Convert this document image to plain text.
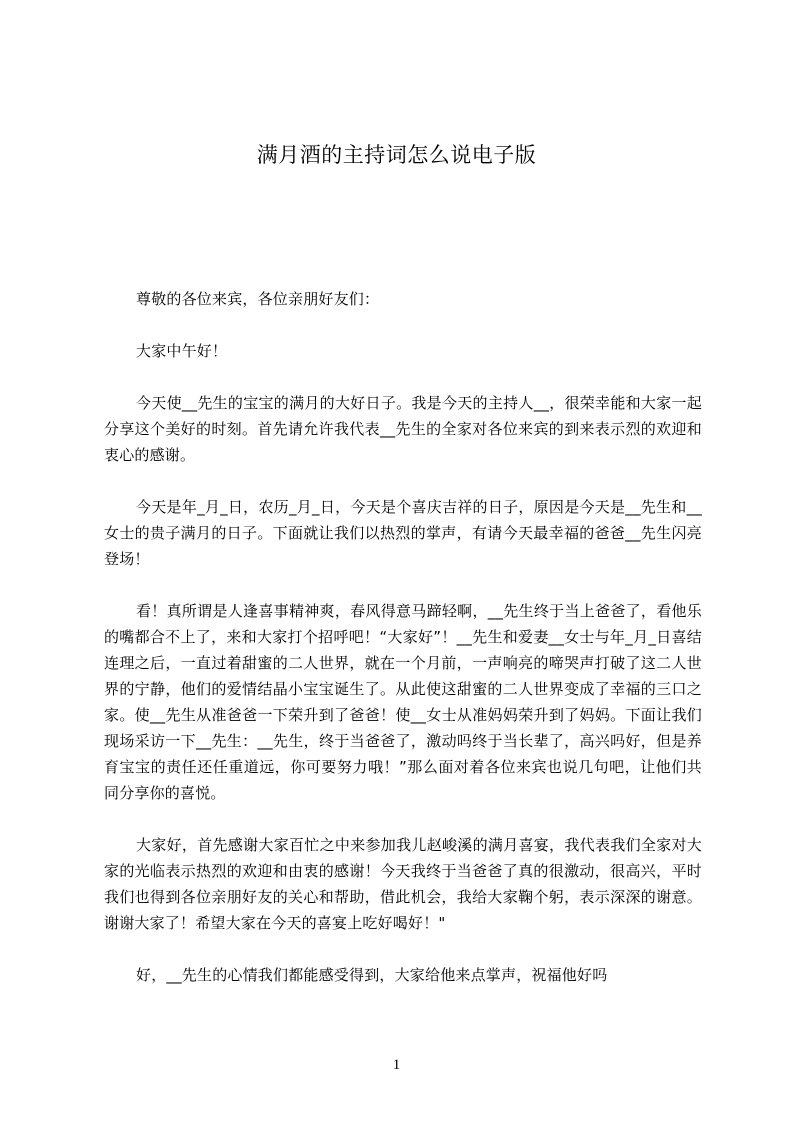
满月酒的主持词怎么说电子版

尊敬的各位来宾，各位亲朋好友们：

大家中午好！

今天使__先生的宝宝的满月的大好日子。我是今天的主持人__，很荣幸能和大家一起分享这个美好的时刻。首先请允许我代表__先生的全家对各位来宾的到来表示烈的欢迎和衷心的感谢。

今天是年_月_日，农历_月_日，今天是个喜庆吉祥的日子，原因是今天是__先生和__女士的贵子满月的日子。下面就让我们以热烈的掌声，有请今天最幸福的爸爸__先生闪亮登场！

看！真所谓是人逢喜事精神爽，春风得意马蹄轻啊，__先生终于当上爸爸了，看他乐的嘴都合不上了，来和大家打个招呼吧！“大家好”！__先生和爱妻__女士与年_月_日喜结连理之后，一直过着甜蜜的二人世界，就在一个月前，一声响亮的啼哭声打破了这二人世界的宁静，他们的爱情结晶小宝宝诞生了。从此使这甜蜜的二人世界变成了幸福的三口之家。使__先生从准爸爸一下荣升到了爸爸！使__女士从准妈妈荣升到了妈妈。下面让我们现场采访一下__先生：__先生，终于当爸爸了，激动吗终于当长辈了，高兴吗好，但是养育宝宝的责任还任重道远，你可要努力哦！”那么面对着各位来宾也说几句吧，让他们共同分享你的喜悦。

大家好，首先感谢大家百忙之中来参加我儿赵峻溪的满月喜宴，我代表我们全家对大家的光临表示热烈的欢迎和由衷的感谢！今天我终于当爸爸了真的很激动，很高兴，平时我们也得到各位亲朋好友的关心和帮助，借此机会，我给大家鞠个躬，表示深深的谢意。谢谢大家了！希望大家在今天的喜宴上吃好喝好！"

好，__先生的心情我们都能感受得到，大家给他来点掌声，祝福他好吗

1
